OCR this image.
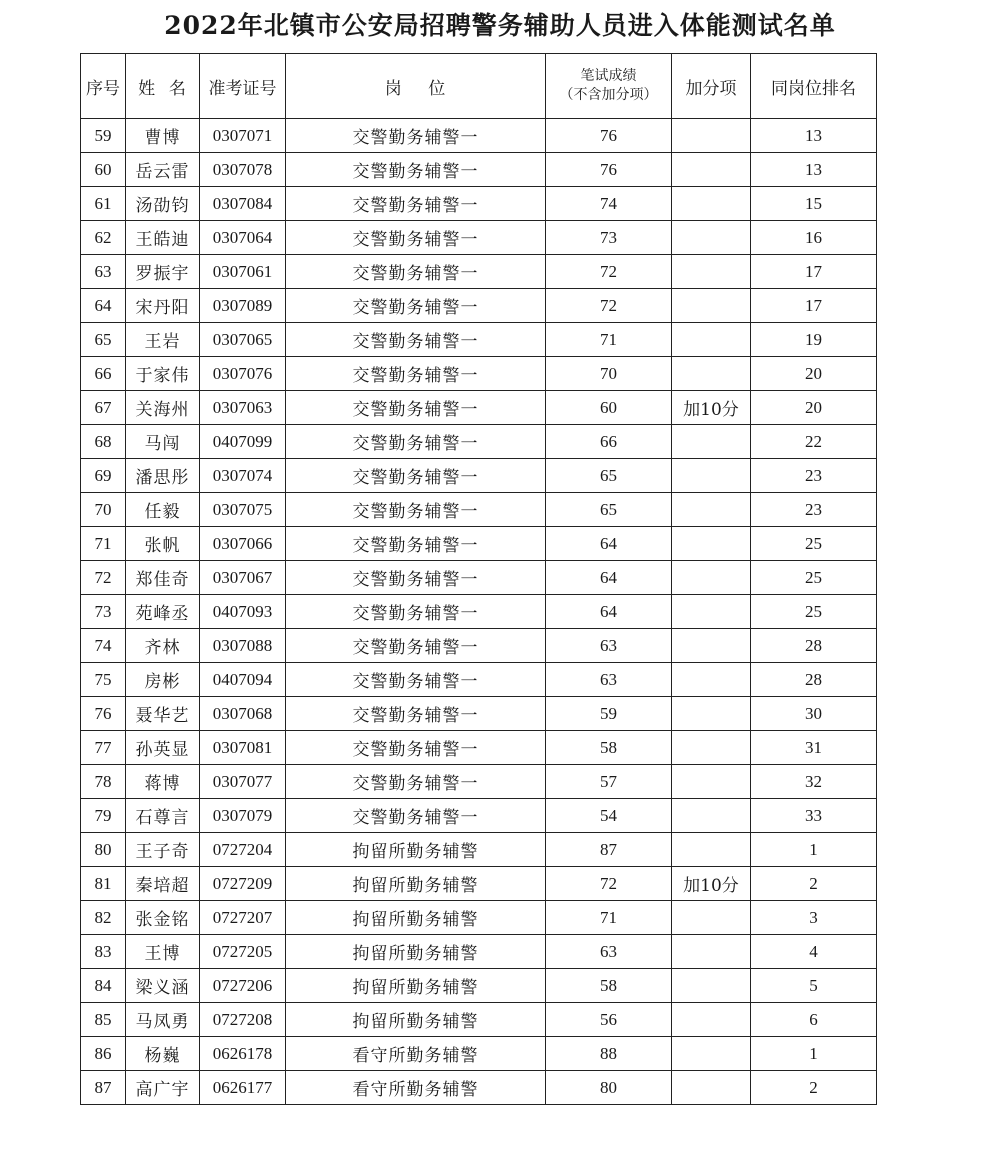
2022年北镇市公安局招聘警务辅助人员进入体能测试名单
序号	姓  名	准考证号	岗    位	笔试成绩
（不含加分项）	加分项	同岗位排名
59	曹博	0307071	交警勤务辅警一	76		13
60	岳云雷	0307078	交警勤务辅警一	76		13
61	汤劭钧	0307084	交警勤务辅警一	74		15
62	王皓迪	0307064	交警勤务辅警一	73		16
63	罗振宇	0307061	交警勤务辅警一	72		17
64	宋丹阳	0307089	交警勤务辅警一	72		17
65	王岩	0307065	交警勤务辅警一	71		19
66	于家伟	0307076	交警勤务辅警一	70		20
67	关海州	0307063	交警勤务辅警一	60	加10分	20
68	马闯	0407099	交警勤务辅警一	66		22
69	潘思彤	0307074	交警勤务辅警一	65		23
70	任毅	0307075	交警勤务辅警一	65		23
71	张帆	0307066	交警勤务辅警一	64		25
72	郑佳奇	0307067	交警勤务辅警一	64		25
73	苑峰丞	0407093	交警勤务辅警一	64		25
74	齐林	0307088	交警勤务辅警一	63		28
75	房彬	0407094	交警勤务辅警一	63		28
76	聂华艺	0307068	交警勤务辅警一	59		30
77	孙英显	0307081	交警勤务辅警一	58		31
78	蒋博	0307077	交警勤务辅警一	57		32
79	石尊言	0307079	交警勤务辅警一	54		33
80	王子奇	0727204	拘留所勤务辅警	87		1
81	秦培超	0727209	拘留所勤务辅警	72	加10分	2
82	张金铭	0727207	拘留所勤务辅警	71		3
83	王博	0727205	拘留所勤务辅警	63		4
84	梁义涵	0727206	拘留所勤务辅警	58		5
85	马凤勇	0727208	拘留所勤务辅警	56		6
86	杨巍	0626178	看守所勤务辅警	88		1
87	高广宇	0626177	看守所勤务辅警	80		2
